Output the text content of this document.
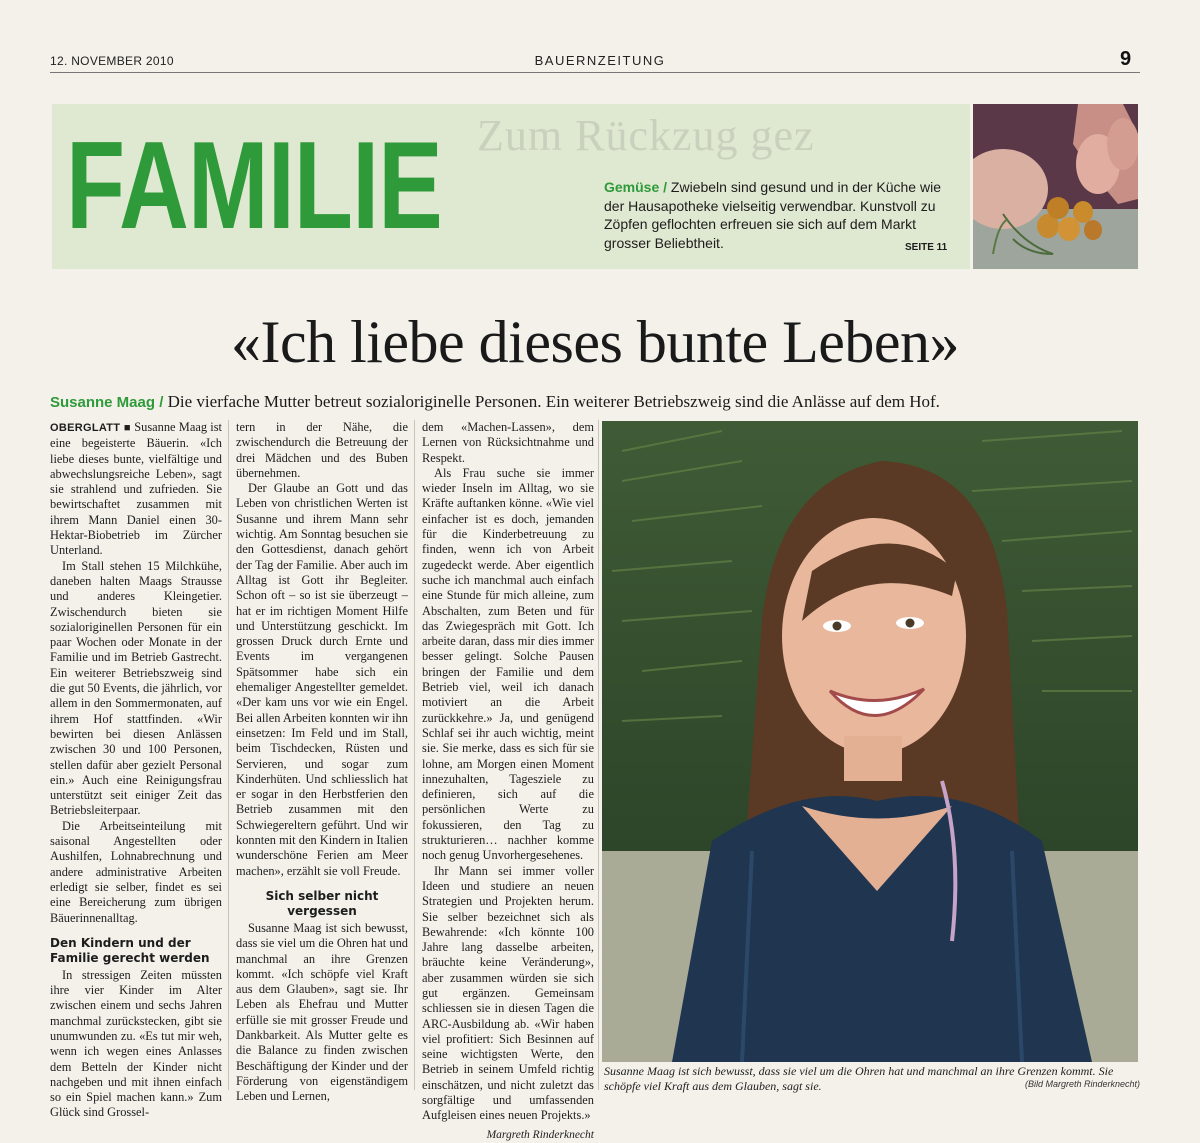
12. NOVEMBER 2010	BAUERNZEITUNG	9
Zum Rückzug gez
FAMILIE	Gemüse / Zwiebeln sind gesund und in der Küche wie der Hausapotheke vielseitig verwendbar. Kunstvoll zu Zöpfen geflochten erfreuen sie sich auf dem Markt grosser Beliebtheit.	SEITE 11
«Ich liebe dieses bunte Leben»
Susanne Maag / Die vierfache Mutter betreut sozialoriginelle Personen. Ein weiterer Betriebszweig sind die Anlässe auf dem Hof.

OBERGLATT ■ Susanne Maag ist eine begeisterte Bäuerin. «Ich liebe dieses bunte, vielfältige und abwechslungsreiche Leben», sagt sie strahlend und zufrieden. Sie bewirtschaftet zusammen mit ihrem Mann Daniel einen 30-Hektar-Biobetrieb im Zürcher Unterland.

Im Stall stehen 15 Milchkühe, daneben halten Maags Strausse und anderes Kleingetier. Zwischendurch bieten sie sozialoriginellen Personen für ein paar Wochen oder Monate in der Familie und im Betrieb Gastrecht. Ein weiterer Betriebszweig sind die gut 50 Events, die jährlich, vor allem in den Sommermonaten, auf ihrem Hof stattfinden. «Wir bewirten bei diesen Anlässen zwischen 30 und 100 Personen, stellen dafür aber gezielt Personal ein.» Auch eine Reinigungsfrau unterstützt seit einiger Zeit das Betriebsleiterpaar.

Die Arbeitseinteilung mit saisonal Angestellten oder Aushilfen, Lohnabrechnung und andere administrative Arbeiten erledigt sie selber, findet es sei eine Bereicherung zum übrigen Bäuerinnenalltag.

Den Kindern und der Familie gerecht werden

In stressigen Zeiten müssten ihre vier Kinder im Alter zwischen einem und sechs Jahren manchmal zurückstecken, gibt sie unumwunden zu. «Es tut mir weh, wenn ich wegen eines Anlasses dem Betteln der Kinder nicht nachgeben und mit ihnen einfach so ein Spiel machen kann.» Zum Glück sind Grossel-

tern in der Nähe, die zwischendurch die Betreuung der drei Mädchen und des Buben übernehmen.

Der Glaube an Gott und das Leben von christlichen Werten ist Susanne und ihrem Mann sehr wichtig. Am Sonntag besuchen sie den Gottesdienst, danach gehört der Tag der Familie. Aber auch im Alltag ist Gott ihr Begleiter. Schon oft – so ist sie überzeugt – hat er im richtigen Moment Hilfe und Unterstützung geschickt. Im grossen Druck durch Ernte und Events im vergangenen Spätsommer habe sich ein ehemaliger Angestellter gemeldet. «Der kam uns vor wie ein Engel. Bei allen Arbeiten konnten wir ihn einsetzen: Im Feld und im Stall, beim Tischdecken, Rüsten und Servieren, und sogar zum Kinderhüten. Und schliesslich hat er sogar in den Herbstferien den Betrieb zusammen mit den Schwiegereltern geführt. Und wir konnten mit den Kindern in Italien wunderschöne Ferien am Meer machen», erzählt sie voll Freude.

Sich selber nicht vergessen

Susanne Maag ist sich bewusst, dass sie viel um die Ohren hat und manchmal an ihre Grenzen kommt. «Ich schöpfe viel Kraft aus dem Glauben», sagt sie. Ihr Leben als Ehefrau und Mutter erfülle sie mit grosser Freude und Dankbarkeit. Als Mutter gelte es die Balance zu finden zwischen Beschäftigung der Kinder und der Förderung von eigenständigem Leben und Lernen,

dem «Machen-Lassen», dem Lernen von Rücksichtnahme und Respekt.

Als Frau suche sie immer wieder Inseln im Alltag, wo sie Kräfte auftanken könne. «Wie viel einfacher ist es doch, jemanden für die Kinderbetreuung zu finden, wenn ich von Arbeit zugedeckt werde. Aber eigentlich suche ich manchmal auch einfach eine Stunde für mich alleine, zum Abschalten, zum Beten und für das Zwiegespräch mit Gott. Ich arbeite daran, dass mir dies immer besser gelingt. Solche Pausen bringen der Familie und dem Betrieb viel, weil ich danach motiviert an die Arbeit zurückkehre.» Ja, und genügend Schlaf sei ihr auch wichtig, meint sie. Sie merke, dass es sich für sie lohne, am Morgen einen Moment innezuhalten, Tagesziele zu definieren, sich auf die persönlichen Werte zu fokussieren, den Tag zu strukturieren… nachher komme noch genug Unvorhergesehenes.

Ihr Mann sei immer voller Ideen und studiere an neuen Strategien und Projekten herum. Sie selber bezeichnet sich als Bewahrende: «Ich könnte 100 Jahre lang dasselbe arbeiten, bräuchte keine Veränderung», aber zusammen würden sie sich gut ergänzen. Gemeinsam schliessen sie in diesen Tagen die ARC-Ausbildung ab. «Wir haben viel profitiert: Sich Besinnen auf seine wichtigsten Werte, den Betrieb in seinem Umfeld richtig einschätzen, und nicht zuletzt das sorgfältige und umfassenden Aufgleisen eines neuen Projekts.»

Margreth Rinderknecht
Susanne Maag ist sich bewusst, dass sie viel um die Ohren hat und manchmal an ihre Grenzen kommt. Sie schöpfe viel Kraft aus dem Glauben, sagt sie.	(Bild Margreth Rinderknecht)
